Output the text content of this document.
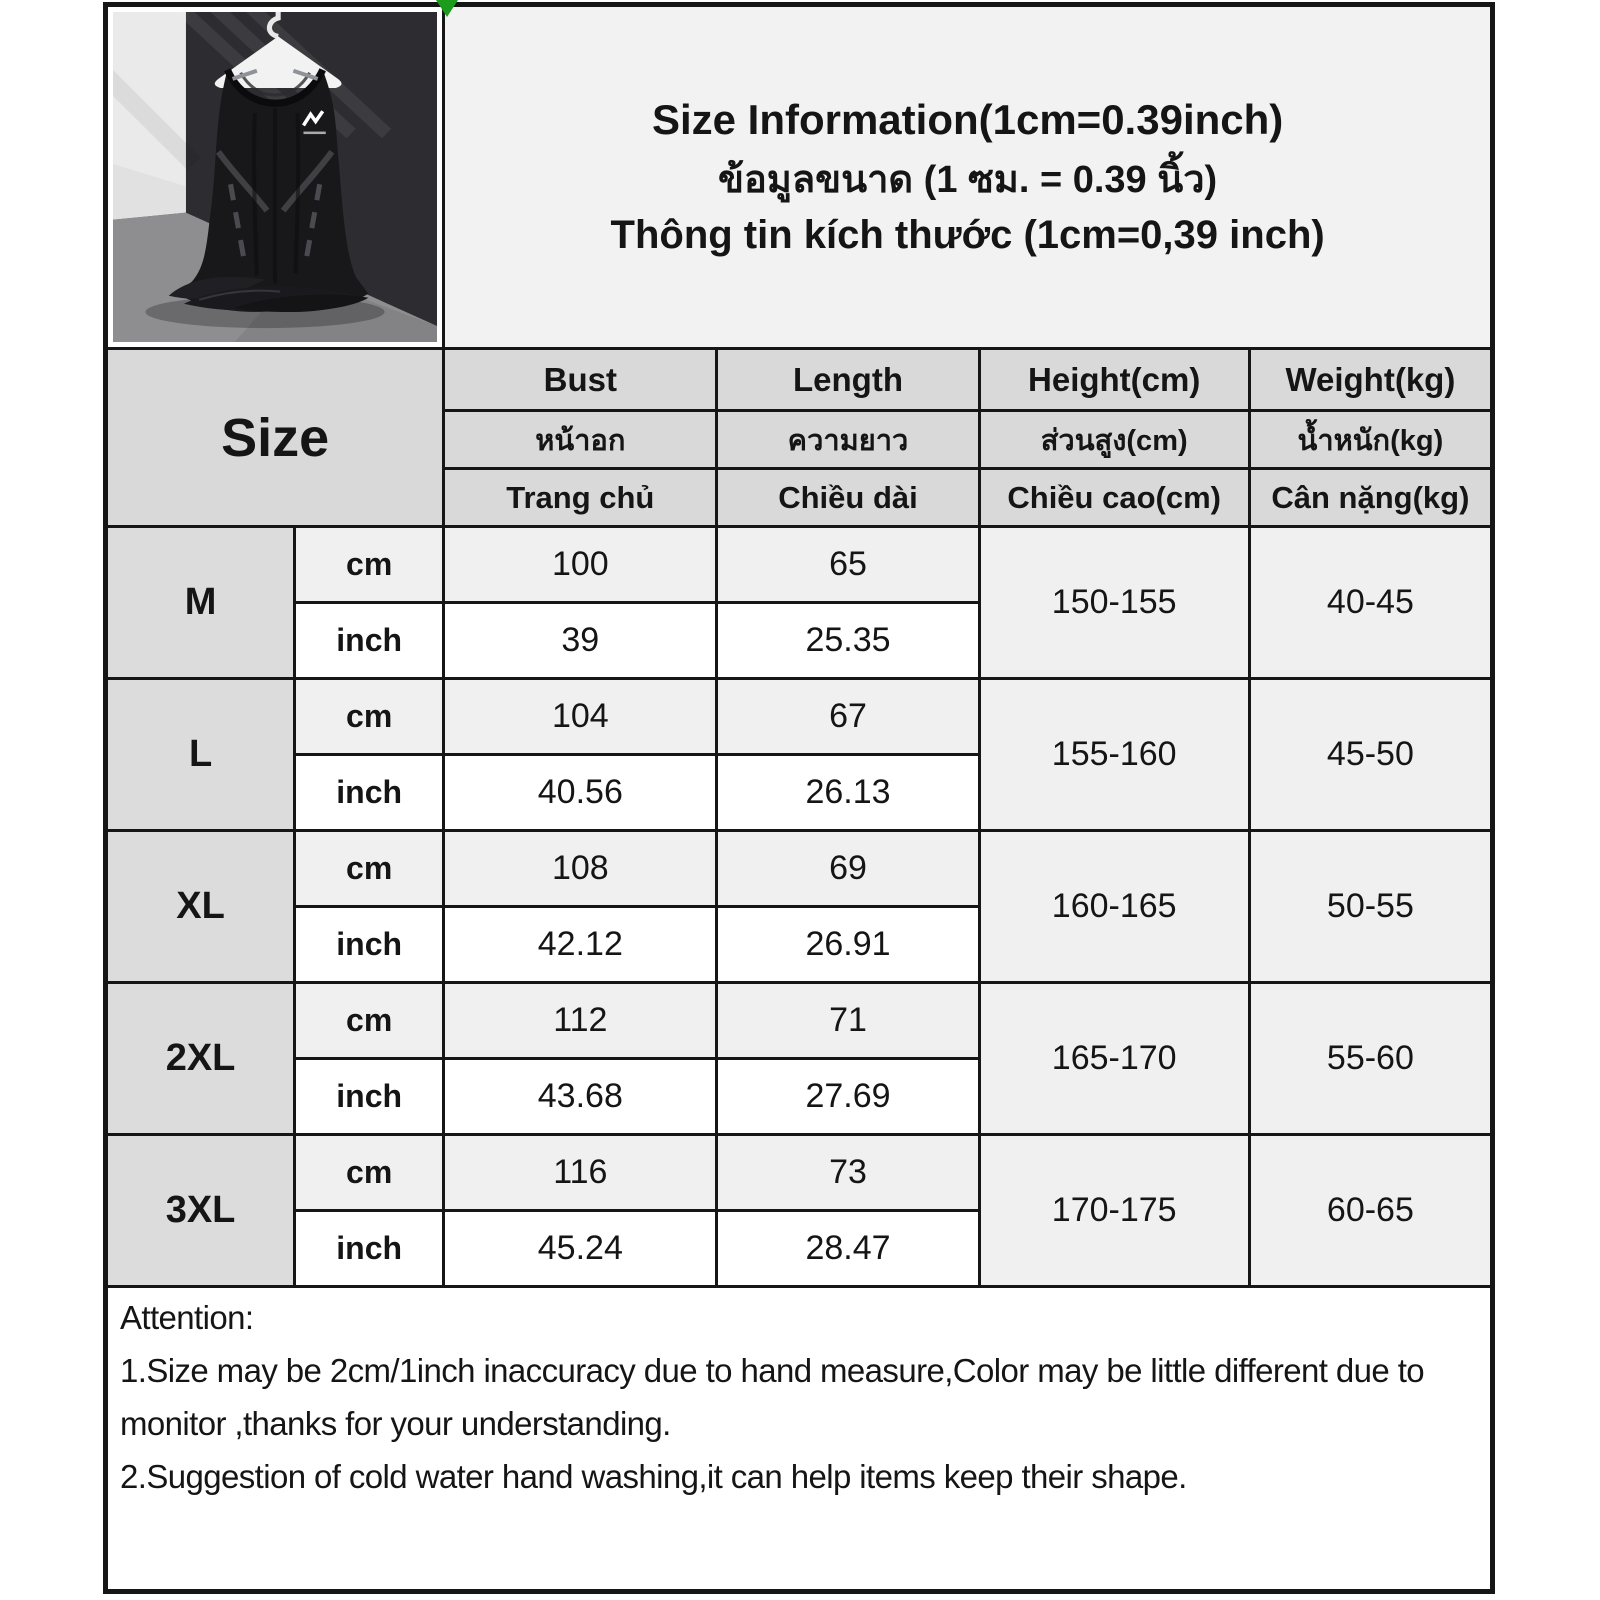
Size Information(1cm=0.39inch)
ข้อมูลขนาด (1 ซม. = 0.39 นิ้ว)
Thông tin kích thước (1cm=0,39 inch)			

Size		Bust	Length	Height(cm)	Weight(kg)
		หน้าอก	ความยาว	ส่วนสูง(cm)	น้ำหนัก(kg)
		Trang chủ	Chiều dài	Chiều cao(cm)	Cân nặng(kg)
M	cm	100	65	150-155	40-45
	inch	39	25.35		
L	cm	104	67	155-160	45-50
	inch	40.56	26.13		
XL	cm	108	69	160-165	50-55
	inch	42.12	26.91		
2XL	cm	112	71	165-170	55-60
	inch	43.68	27.69		
3XL	cm	116	73	170-175	60-65
	inch	45.24	28.47		

Attention:

1.Size may be 2cm/1inch inaccuracy due to hand measure,Color may be little different due to monitor ,thanks for your understanding.

2.Suggestion of cold water hand washing,it can help items keep their shape.					
